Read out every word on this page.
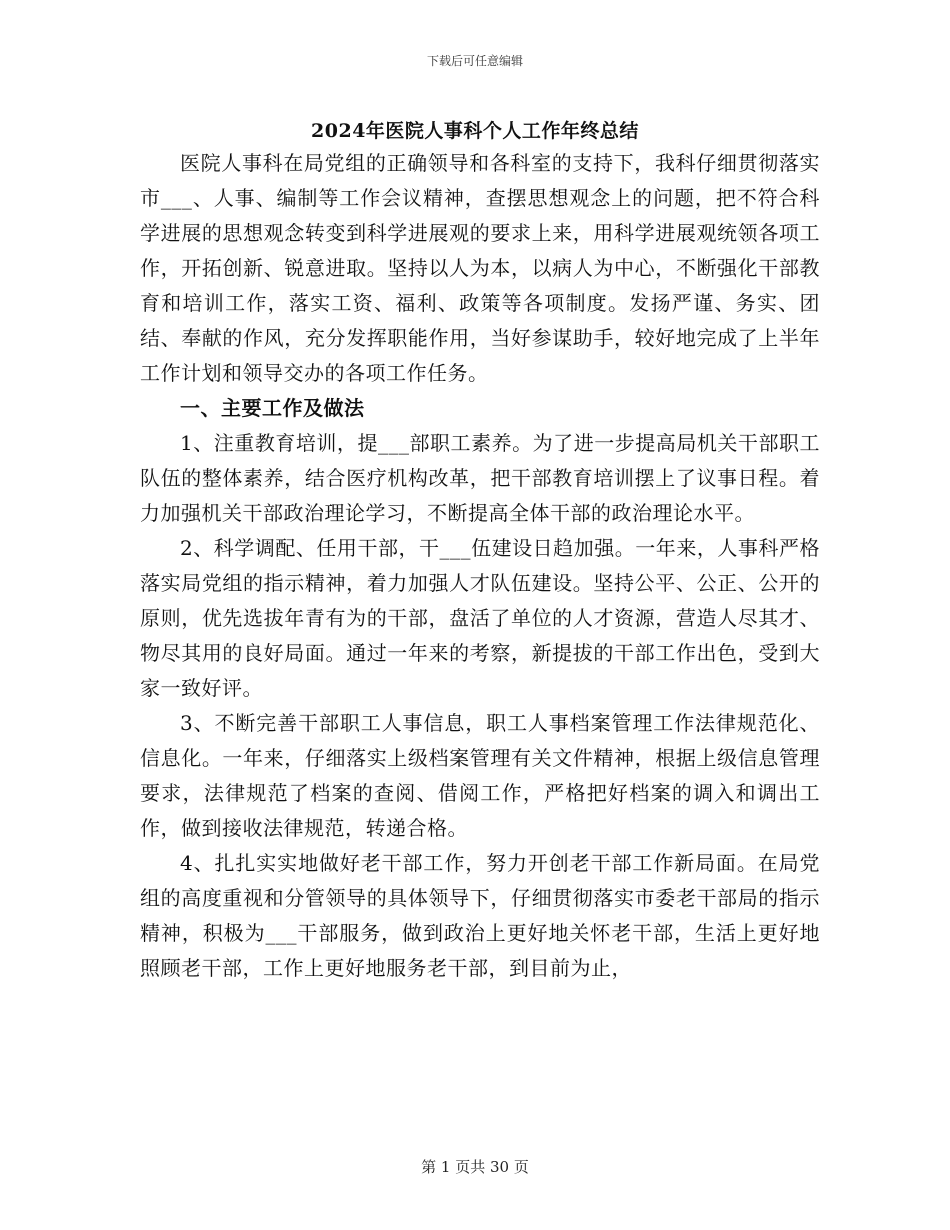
下载后可任意编辑
2024年医院人事科个人工作年终总结

医院人事科在局党组的正确领导和各科室的支持下，我科仔细贯彻落实市___、人事、编制等工作会议精神，查摆思想观念上的问题，把不符合科学进展的思想观念转变到科学进展观的要求上来，用科学进展观统领各项工作，开拓创新、锐意进取。坚持以人为本，以病人为中心，不断强化干部教育和培训工作，落实工资、福利、政策等各项制度。发扬严谨、务实、团结、奉献的作风，充分发挥职能作用，当好参谋助手，较好地完成了上半年工作计划和领导交办的各项工作任务。

一、主要工作及做法

1、注重教育培训，提___部职工素养。为了进一步提高局机关干部职工队伍的整体素养，结合医疗机构改革，把干部教育培训摆上了议事日程。着力加强机关干部政治理论学习，不断提高全体干部的政治理论水平。

2、科学调配、任用干部，干___伍建设日趋加强。一年来，人事科严格落实局党组的指示精神，着力加强人才队伍建设。坚持公平、公正、公开的原则，优先选拔年青有为的干部，盘活了单位的人才资源，营造人尽其才、物尽其用的良好局面。通过一年来的考察，新提拔的干部工作出色，受到大家一致好评。

3、不断完善干部职工人事信息，职工人事档案管理工作法律规范化、信息化。一年来，仔细落实上级档案管理有关文件精神，根据上级信息管理要求，法律规范了档案的查阅、借阅工作，严格把好档案的调入和调出工作，做到接收法律规范，转递合格。

4、扎扎实实地做好老干部工作，努力开创老干部工作新局面。在局党组的高度重视和分管领导的具体领导下，仔细贯彻落实市委老干部局的指示精神，积极为___干部服务，做到政治上更好地关怀老干部，生活上更好地照顾老干部，工作上更好地服务老干部，到目前为止，

第 1 页共 30 页
